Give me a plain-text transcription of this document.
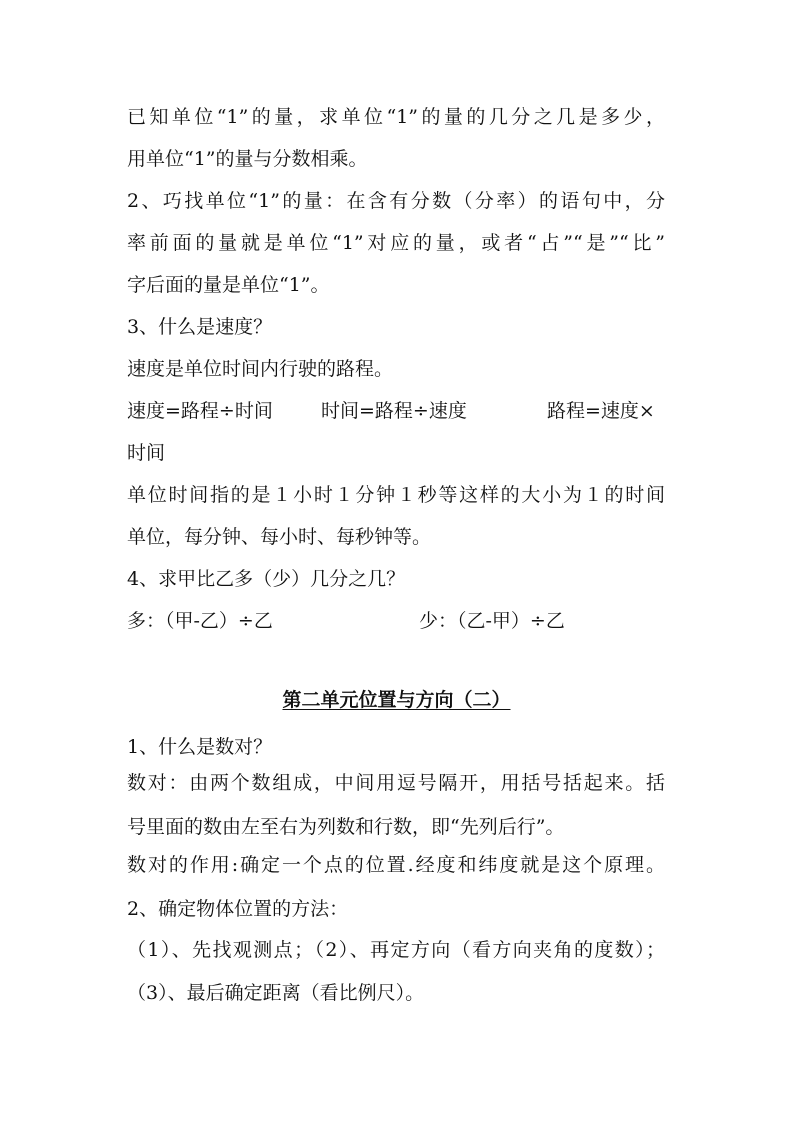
已知单位“1”的量，求单位“1”的量的几分之几是多少，
用单位“1”的量与分数相乘。
2、巧找单位“1”的量：在含有分数（分率）的语句中，分
率前面的量就是单位“1”对应的量，或者“占”“是”“比”
字后面的量是单位“1”。
3、什么是速度？
速度是单位时间内行驶的路程。
速度=路程÷时间	时间=路程÷速度	路程=速度×
时间
单位时间指的是１小时１分钟１秒等这样的大小为１的时间
单位，每分钟、每小时、每秒钟等。
4、求甲比乙多（少）几分之几？
多：（甲-乙）÷乙	少：（乙-甲）÷乙
第二单元位置与方向（二）
1、什么是数对？
数对：由两个数组成，中间用逗号隔开，用括号括起来。括
号里面的数由左至右为列数和行数，即“先列后行”。
数对的作用:确定一个点的位置.经度和纬度就是这个原理。
2、确定物体位置的方法：
（1）、先找观测点；（2）、再定方向（看方向夹角的度数）；
（3）、最后确定距离（看比例尺）。
